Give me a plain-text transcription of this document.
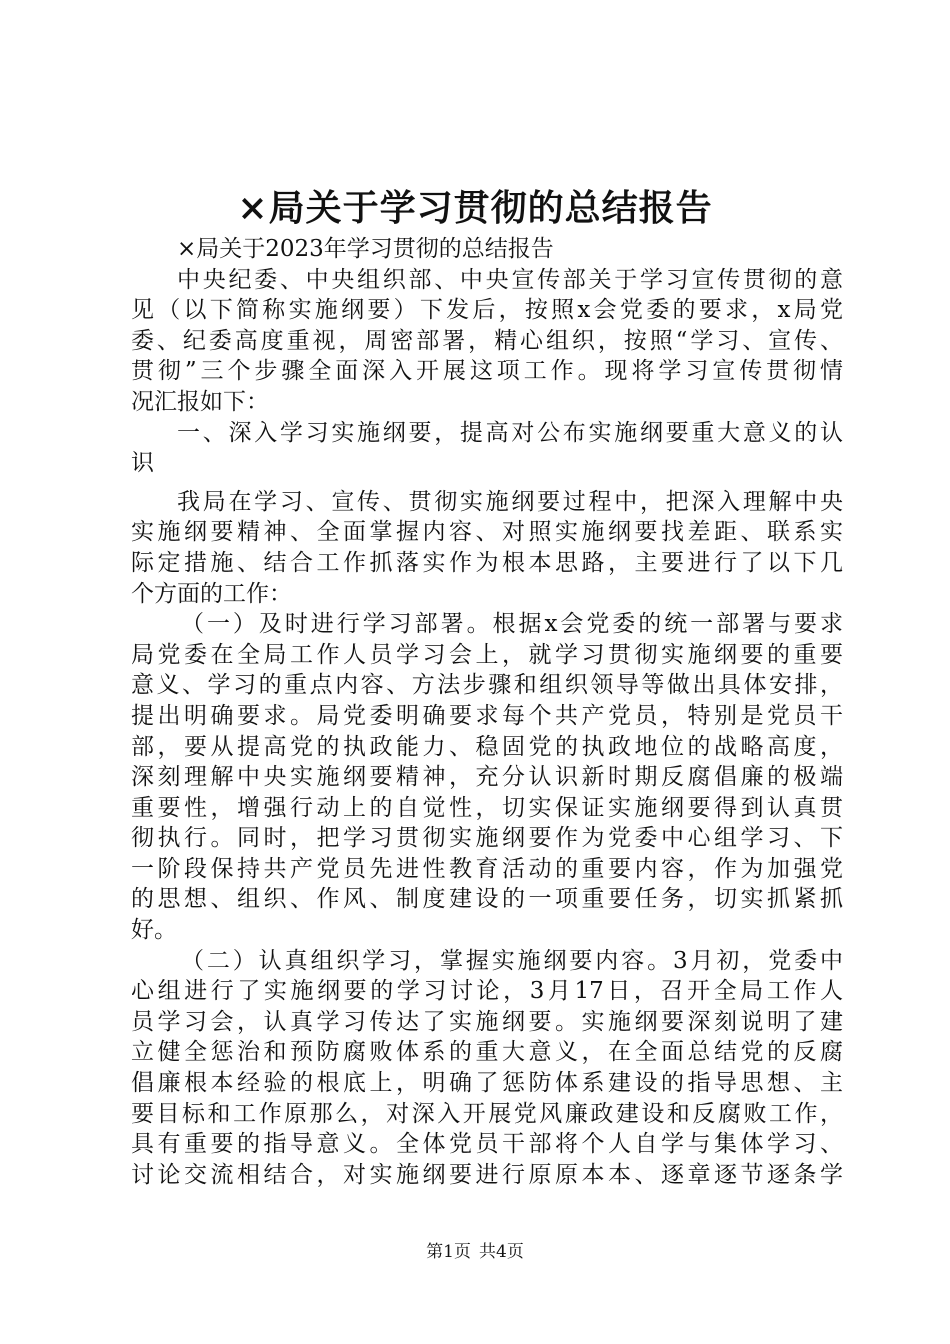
×局关于学习贯彻的总结报告
×局关于2023年学习贯彻的总结报告
中央纪委、中央组织部、中央宣传部关于学习宣传贯彻的意
见（以下简称实施纲要）下发后，按照x会党委的要求，x局党
委、纪委高度重视，周密部署，精心组织，按照“学习、宣传、
贯彻”三个步骤全面深入开展这项工作。现将学习宣传贯彻情
况汇报如下：
一、深入学习实施纲要，提高对公布实施纲要重大意义的认
识
我局在学习、宣传、贯彻实施纲要过程中，把深入理解中央
实施纲要精神、全面掌握内容、对照实施纲要找差距、联系实
际定措施、结合工作抓落实作为根本思路，主要进行了以下几
个方面的工作：
（一）及时进行学习部署。根据x会党委的统一部署与要求
局党委在全局工作人员学习会上，就学习贯彻实施纲要的重要
意义、学习的重点内容、方法步骤和组织领导等做出具体安排，
提出明确要求。局党委明确要求每个共产党员，特别是党员干
部，要从提高党的执政能力、稳固党的执政地位的战略高度，
深刻理解中央实施纲要精神，充分认识新时期反腐倡廉的极端
重要性，增强行动上的自觉性，切实保证实施纲要得到认真贯
彻执行。同时，把学习贯彻实施纲要作为党委中心组学习、下
一阶段保持共产党员先进性教育活动的重要内容，作为加强党
的思想、组织、作风、制度建设的一项重要任务，切实抓紧抓
好。
（二）认真组织学习，掌握实施纲要内容。3月初，党委中
心组进行了实施纲要的学习讨论，3月17日，召开全局工作人
员学习会，认真学习传达了实施纲要。实施纲要深刻说明了建
立健全惩治和预防腐败体系的重大意义，在全面总结党的反腐
倡廉根本经验的根底上，明确了惩防体系建设的指导思想、主
要目标和工作原那么，对深入开展党风廉政建设和反腐败工作，
具有重要的指导意义。全体党员干部将个人自学与集体学习、
讨论交流相结合，对实施纲要进行原原本本、逐章逐节逐条学
第1页 共4页
